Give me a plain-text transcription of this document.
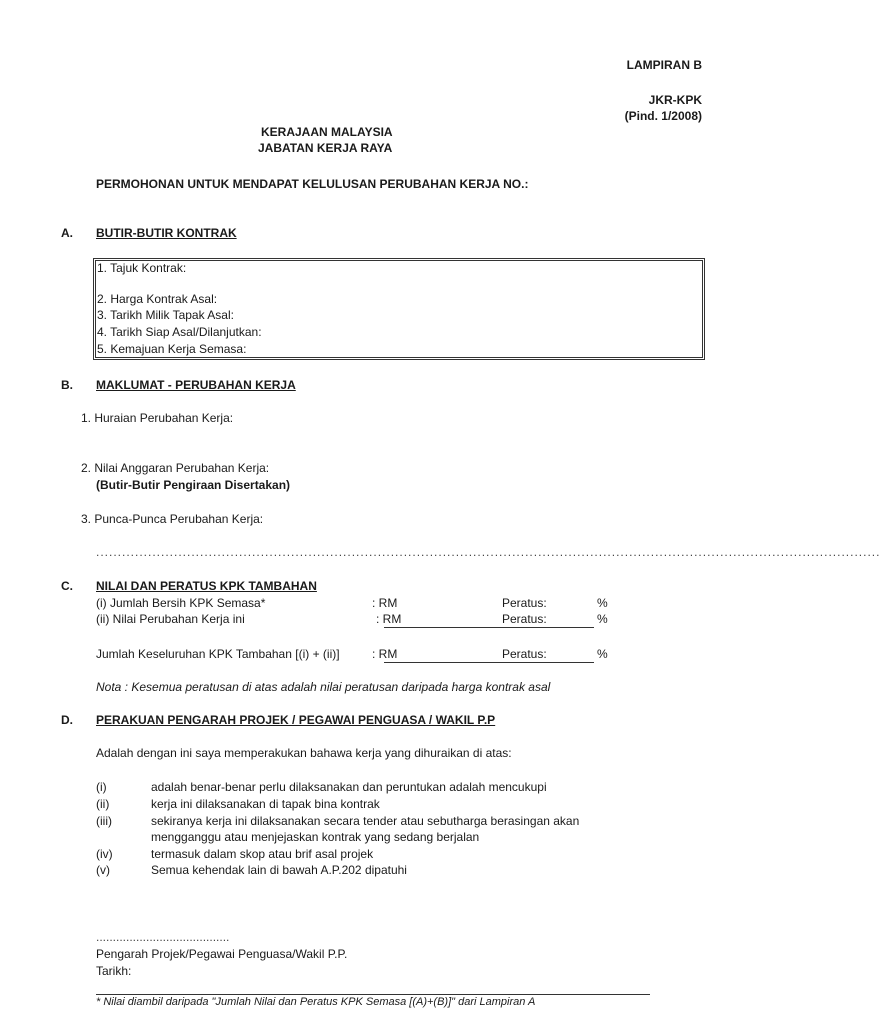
LAMPIRAN B
JKR-KPK
(Pind. 1/2008)
KERAJAAN MALAYSIA
JABATAN KERJA RAYA
PERMOHONAN UNTUK MENDAPAT KELULUSAN PERUBAHAN KERJA NO.:
A. BUTIR-BUTIR KONTRAK
1. Tajuk Kontrak:
2. Harga Kontrak Asal:
3. Tarikh Milik Tapak Asal:
4. Tarikh Siap Asal/Dilanjutkan:
5. Kemajuan Kerja Semasa:
B. MAKLUMAT - PERUBAHAN KERJA
1. Huraian Perubahan Kerja:
2. Nilai Anggaran Perubahan Kerja:
(Butir-Butir Pengiraan Disertakan)
3. Punca-Punca Perubahan Kerja:
.....................................................................................................................................................................................
C. NILAI DAN PERATUS KPK TAMBAHAN
(i) Jumlah Bersih KPK Semasa*	: RM	Peratus:	%
(ii) Nilai Perubahan Kerja ini	: RM	Peratus:	%
Jumlah Keseluruhan KPK Tambahan [(i) + (ii)]	: RM	Peratus:	%
Nota : Kesemua peratusan di atas adalah nilai peratusan daripada harga kontrak asal
D. PERAKUAN PENGARAH PROJEK / PEGAWAI PENGUASA / WAKIL P.P
Adalah dengan ini saya memperakukan bahawa kerja yang dihuraikan di atas:
(i)	adalah benar-benar perlu dilaksanakan dan peruntukan adalah mencukupi
(ii)	kerja ini dilaksanakan di tapak bina kontrak
(iii)	sekiranya kerja ini dilaksanakan secara tender atau sebutharga berasingan akan
mengganggu atau menjejaskan kontrak yang sedang berjalan
(iv)	termasuk dalam skop atau brif asal projek
(v)	Semua kehendak lain di bawah A.P.202 dipatuhi
........................................
Pengarah Projek/Pegawai Penguasa/Wakil P.P.
Tarikh:
* Nilai diambil daripada "Jumlah Nilai dan Peratus KPK Semasa [(A)+(B)]" dari Lampiran A
